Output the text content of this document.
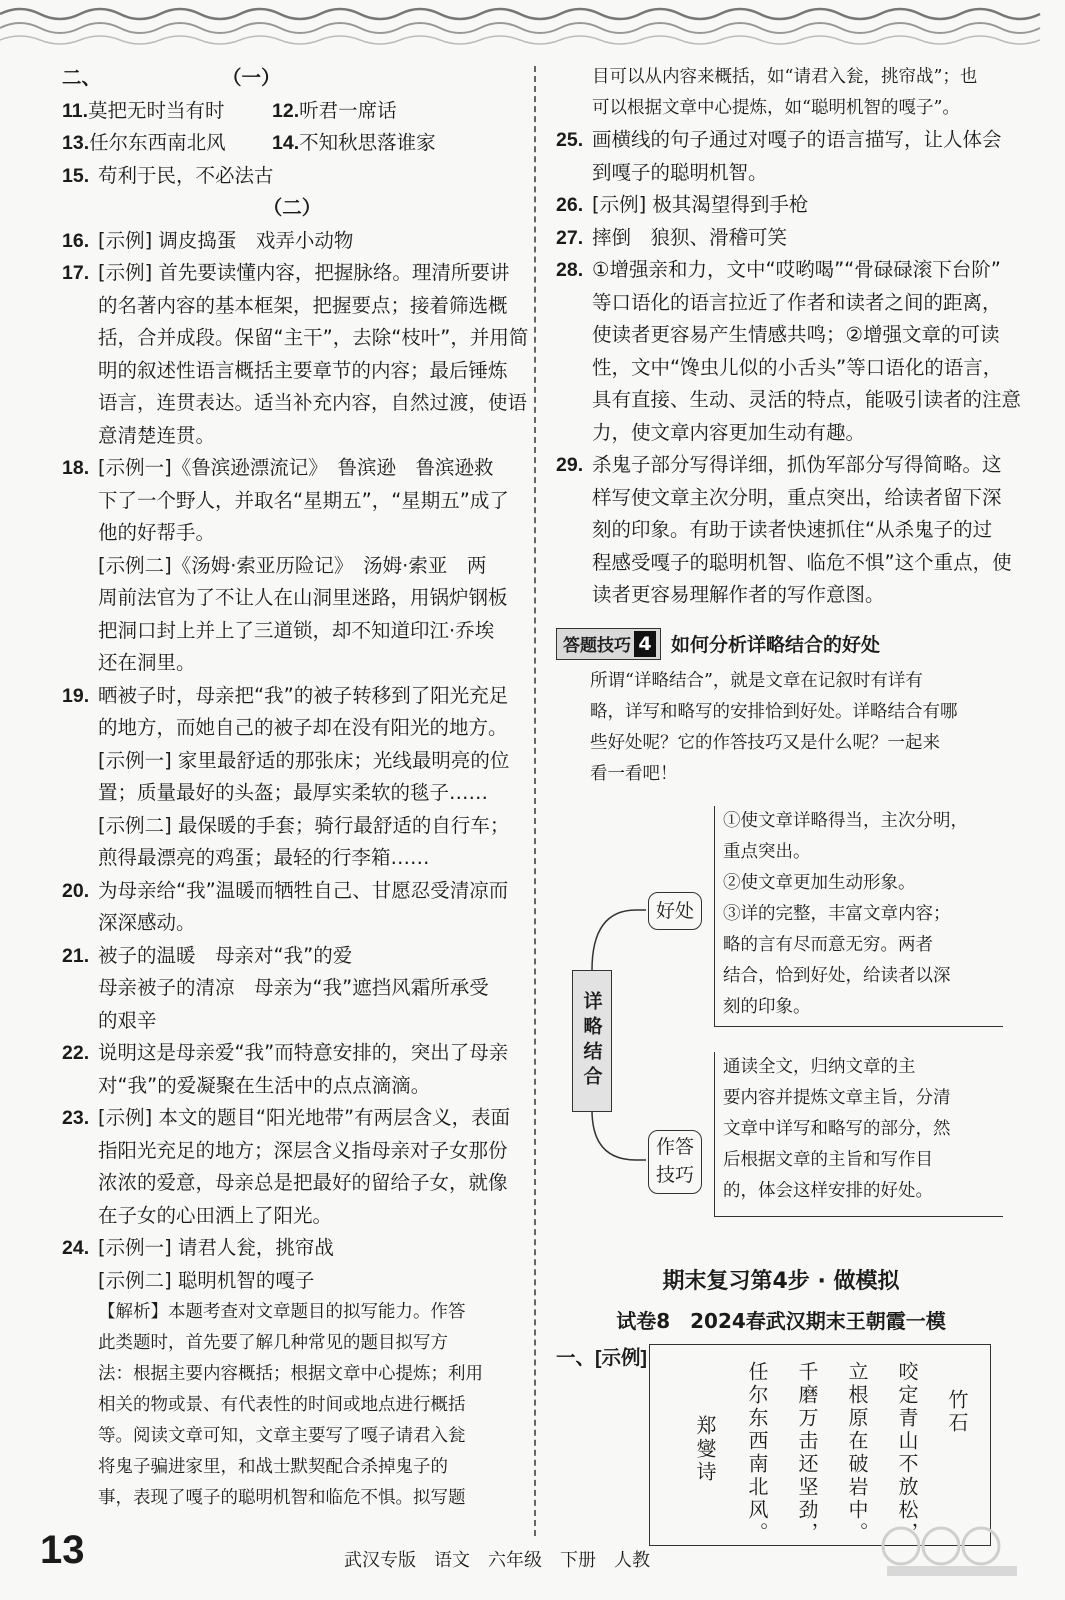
二、	（一）
11.莫把无时当有时 12.听君一席话
13.任尔东西南北风 14.不知秋思落谁家
15. 苟利于民，不必法古
（二）
16. [示例] 调皮捣蛋　戏弄小动物
17. [示例] 首先要读懂内容，把握脉络。理清所要讲
的名著内容的基本框架，把握要点；接着筛选概
括，合并成段。保留“主干”，去除“枝叶”，并用简
明的叙述性语言概括主要章节的内容；最后锤炼
语言，连贯表达。适当补充内容，自然过渡，使语
意清楚连贯。
18. [示例一]《鲁滨逊漂流记》　鲁滨逊　鲁滨逊救
下了一个野人，并取名“星期五”，“星期五”成了
他的好帮手。
[示例二]《汤姆·索亚历险记》　汤姆·索亚　两
周前法官为了不让人在山洞里迷路，用锅炉钢板
把洞口封上并上了三道锁，却不知道印江·乔埃
还在洞里。
19. 晒被子时，母亲把“我”的被子转移到了阳光充足
的地方，而她自己的被子却在没有阳光的地方。
[示例一] 家里最舒适的那张床；光线最明亮的位
置；质量最好的头盔；最厚实柔软的毯子……
[示例二] 最保暖的手套；骑行最舒适的自行车；
煎得最漂亮的鸡蛋；最轻的行李箱……
20. 为母亲给“我”温暖而牺牲自己、甘愿忍受清凉而
深深感动。
21. 被子的温暖　母亲对“我”的爱
母亲被子的清凉　母亲为“我”遮挡风霜所承受
的艰辛
22. 说明这是母亲爱“我”而特意安排的，突出了母亲
对“我”的爱凝聚在生活中的点点滴滴。
23. [示例] 本文的题目“阳光地带”有两层含义，表面
指阳光充足的地方；深层含义指母亲对子女那份
浓浓的爱意，母亲总是把最好的留给子女，就像
在子女的心田洒上了阳光。
24. [示例一] 请君人瓮，挑帘战
[示例二] 聪明机智的嘎子
【解析】本题考查对文章题目的拟写能力。作答
此类题时，首先要了解几种常见的题目拟写方
法：根据主要内容概括；根据文章中心提炼；利用
相关的物或景、有代表性的时间或地点进行概括
等。阅读文章可知，文章主要写了嘎子请君入瓮
将鬼子骗进家里，和战士默契配合杀掉鬼子的
事，表现了嘎子的聪明机智和临危不惧。拟写题
目可以从内容来概括，如“请君入瓮，挑帘战”；也
可以根据文章中心提炼，如“聪明机智的嘎子”。
25. 画横线的句子通过对嘎子的语言描写，让人体会
到嘎子的聪明机智。
26. [示例] 极其渴望得到手枪
27. 摔倒　狼狈、滑稽可笑
28. ①增强亲和力，文中“哎哟喝”“骨碌碌滚下台阶”
等口语化的语言拉近了作者和读者之间的距离，
使读者更容易产生情感共鸣；②增强文章的可读
性，文中“馋虫儿似的小舌头”等口语化的语言，
具有直接、生动、灵活的特点，能吸引读者的注意
力，使文章内容更加生动有趣。
29. 杀鬼子部分写得详细，抓伪军部分写得简略。这
样写使文章主次分明，重点突出，给读者留下深
刻的印象。有助于读者快速抓住“从杀鬼子的过
程感受嘎子的聪明机智、临危不惧”这个重点，使
读者更容易理解作者的写作意图。
答题技巧 4 如何分析详略结合的好处
所谓“详略结合”，就是文章在记叙时有详有
略，详写和略写的安排恰到好处。详略结合有哪
些好处呢？它的作答技巧又是什么呢？一起来
看一看吧！
详略结合
好处
作答
技巧
①使文章详略得当，主次分明，
重点突出。
②使文章更加生动形象。
③详的完整，丰富文章内容；
略的言有尽而意无穷。两者
结合，恰到好处，给读者以深
刻的印象。
通读全文，归纳文章的主
要内容并提炼文章主旨，分清
文章中详写和略写的部分，然
后根据文章的主旨和写作目
的，体会这样安排的好处。
期末复习第4步 · 做模拟
试卷8　2024春武汉期末王朝霞一模
一、[示例]
竹石
咬定青山不放松，
立根原在破岩中。
千磨万击还坚劲，
任尔东西南北风。
郑燮诗
13	武汉专版 语文 六年级 下册 人教
